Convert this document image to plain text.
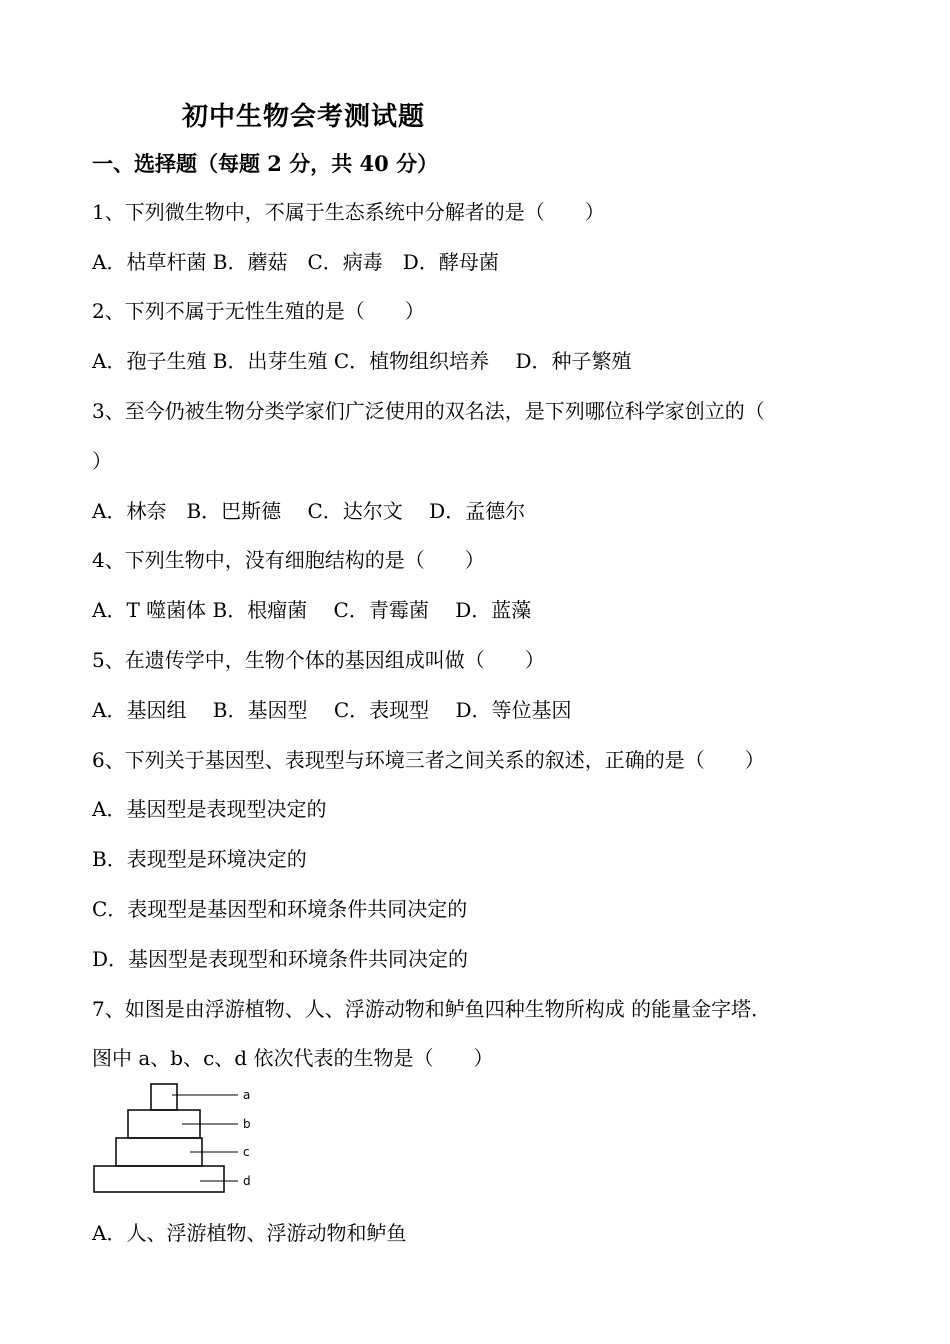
初中生物会考测试题
一、选择题（每题 2 分，共 40 分）
1、下列微生物中，不属于生态系统中分解者的是（　　）
A．枯草杆菌 B．蘑菇　C．病毒　D．酵母菌
2、下列不属于无性生殖的是（　　）
A．孢子生殖 B．出芽生殖 C．植物组织培养　 D．种子繁殖
3、至今仍被生物分类学家们广泛使用的双名法，是下列哪位科学家创立的（
）
A．林奈　B．巴斯德　 C．达尔文　 D．孟德尔
4、下列生物中，没有细胞结构的是（　　）
A．T 噬菌体 B．根瘤菌　 C．青霉菌　 D．蓝藻
5、在遗传学中，生物个体的基因组成叫做（　　）
A．基因组　 B．基因型　 C．表现型　 D．等位基因
6、下列关于基因型、表现型与环境三者之间关系的叙述，正确的是（　　）
A．基因型是表现型决定的
B．表现型是环境决定的
C．表现型是基因型和环境条件共同决定的
D．基因型是表现型和环境条件共同决定的
7、如图是由浮游植物、人、浮游动物和鲈鱼四种生物所构成 的能量金字塔．
图中 a、b、c、d 依次代表的生物是（　　）
a
b
c
d
A．人、浮游植物、浮游动物和鲈鱼
